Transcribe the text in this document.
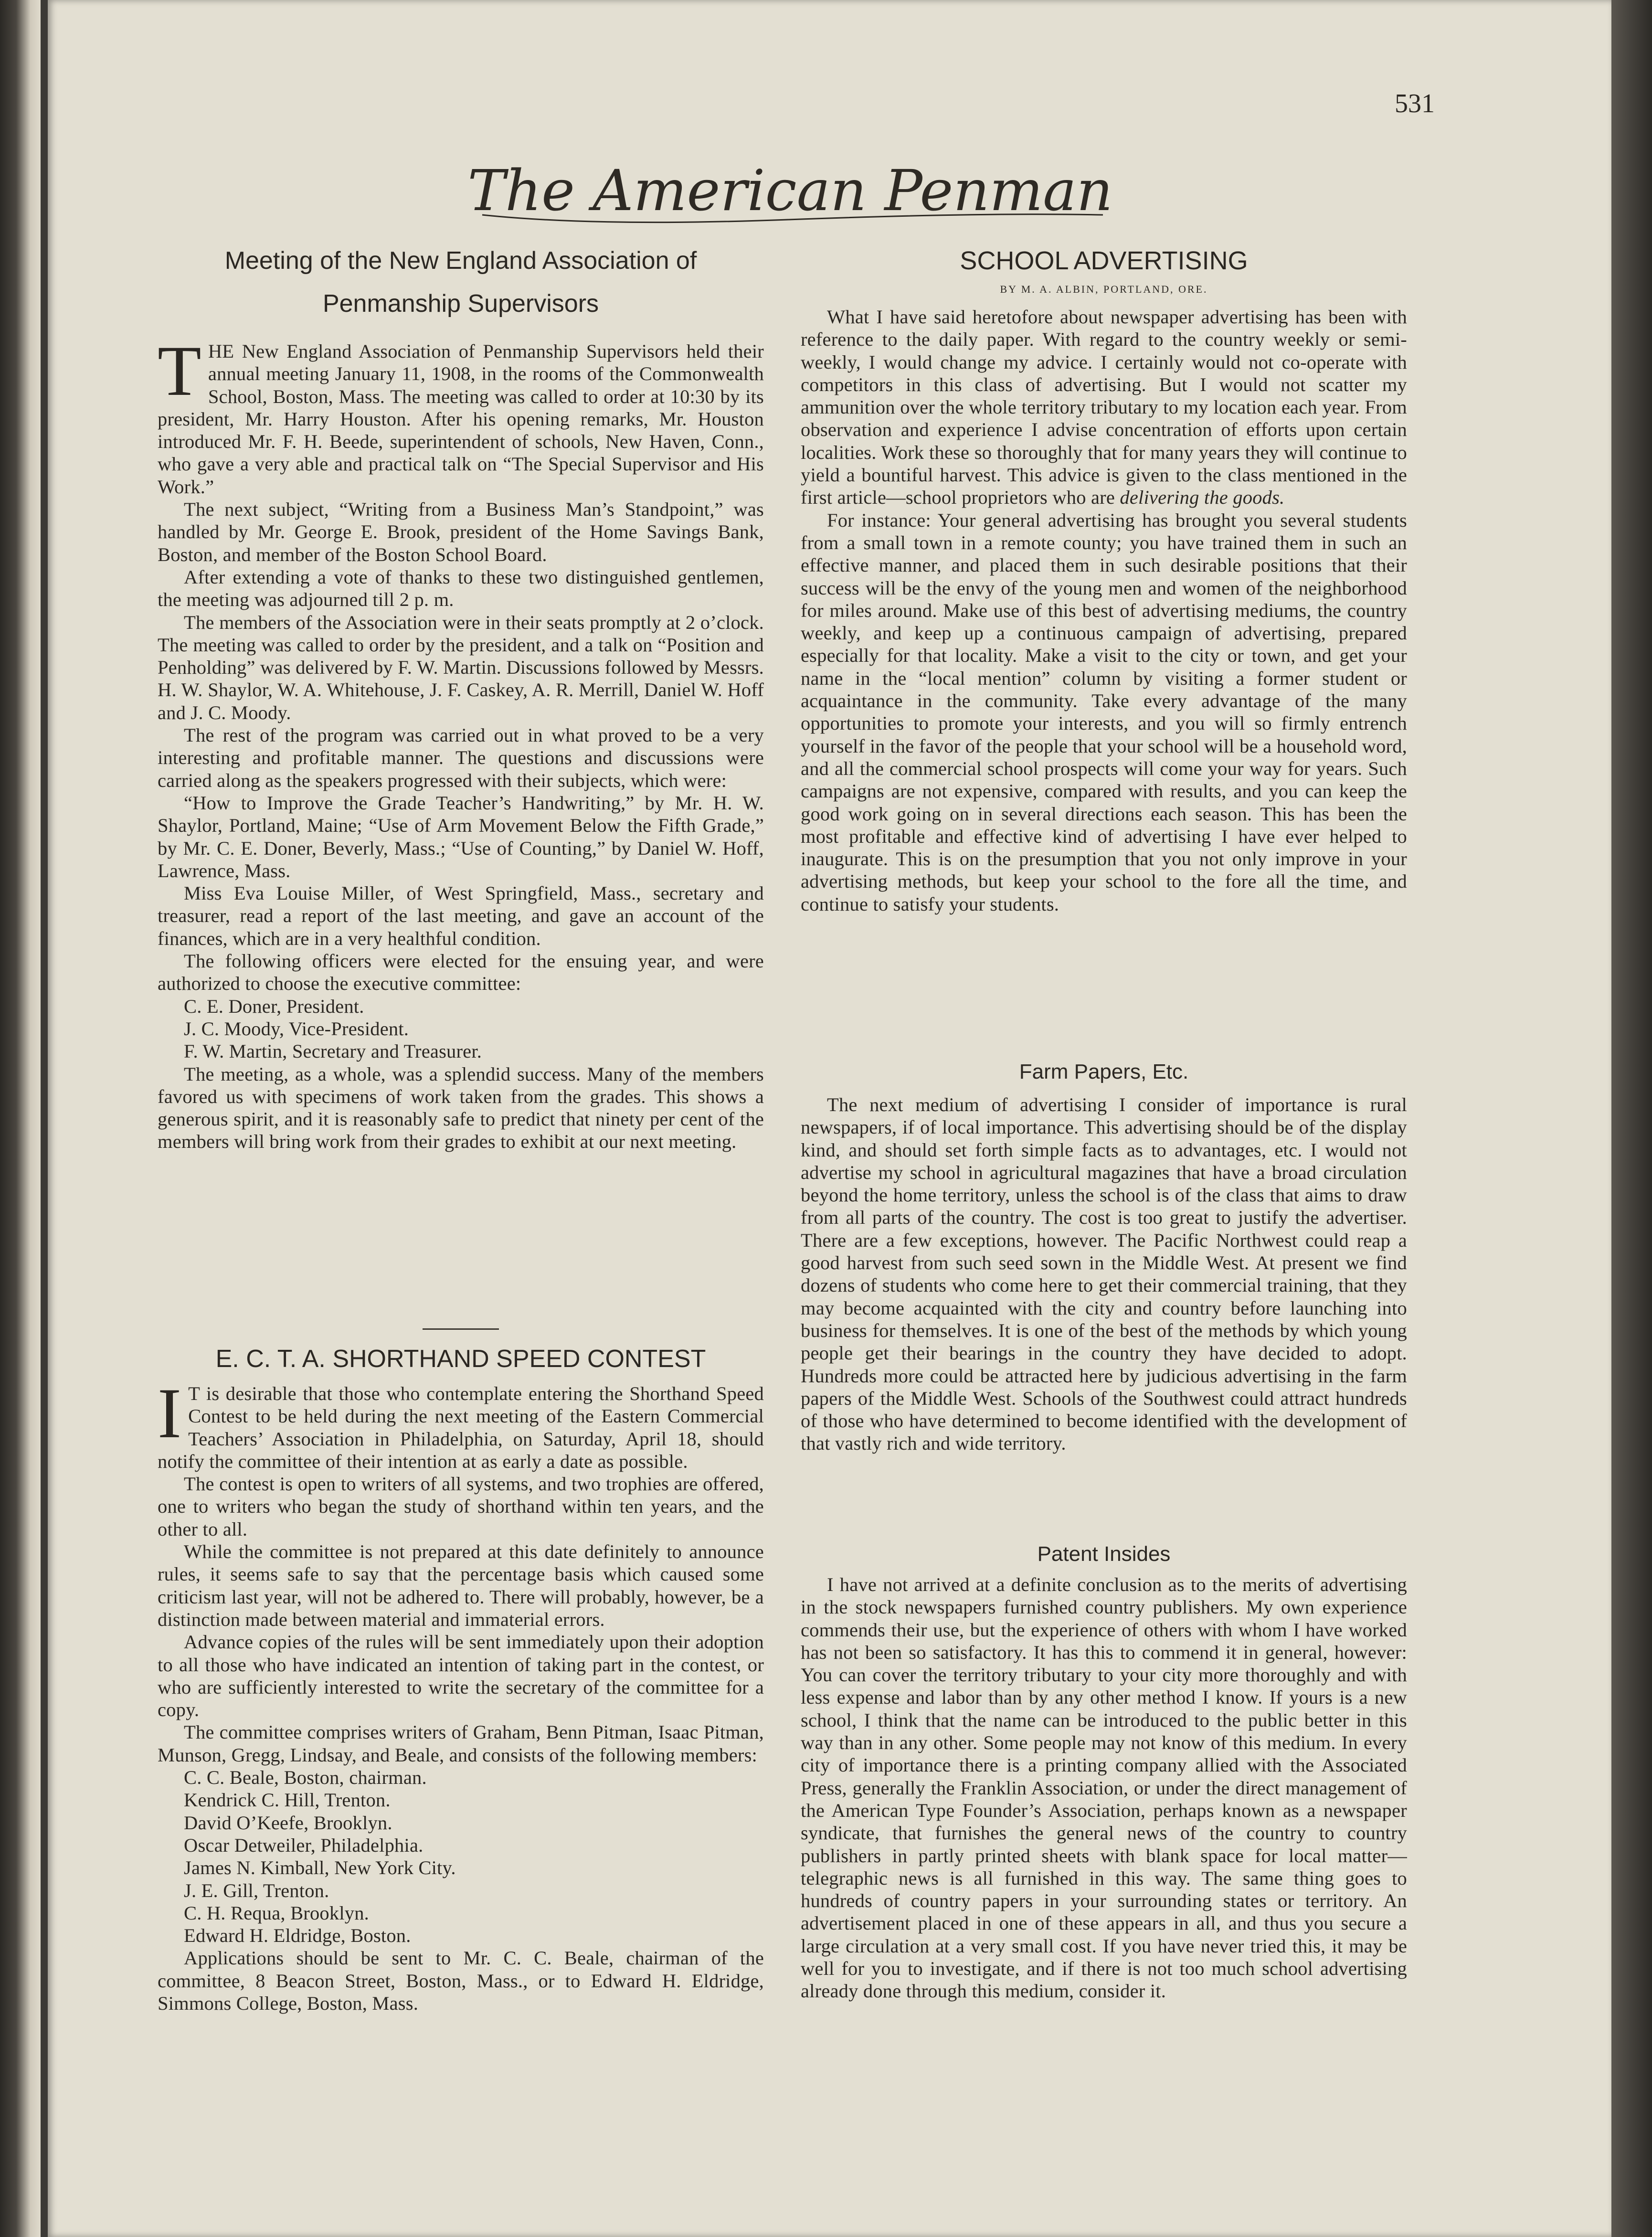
The American Penman
531
Meeting of the New England Association of
Penmanship Supervisors

THE New England Association of Penmanship Supervisors held their annual meeting January 11, 1908, in the rooms of the Commonwealth School, Boston, Mass. The meeting was called to order at 10:30 by its president, Mr. Harry Houston. After his opening remarks, Mr. Houston introduced Mr. F. H. Beede, superintendent of schools, New Haven, Conn., who gave a very able and practical talk on “The Special Supervisor and His Work.”

The next subject, “Writing from a Business Man’s Standpoint,” was handled by Mr. George E. Brook, president of the Home Savings Bank, Boston, and member of the Boston School Board.

After extending a vote of thanks to these two distinguished gentlemen, the meeting was adjourned till 2 p. m.

The members of the Association were in their seats promptly at 2 o’clock. The meeting was called to order by the president, and a talk on “Position and Penholding” was delivered by F. W. Martin. Discussions followed by Messrs. H. W. Shaylor, W. A. Whitehouse, J. F. Caskey, A. R. Merrill, Daniel W. Hoff and J. C. Moody.

The rest of the program was carried out in what proved to be a very interesting and profitable manner. The questions and discussions were carried along as the speakers progressed with their subjects, which were:

“How to Improve the Grade Teacher’s Handwriting,” by Mr. H. W. Shaylor, Portland, Maine; “Use of Arm Movement Below the Fifth Grade,” by Mr. C. E. Doner, Beverly, Mass.; “Use of Counting,” by Daniel W. Hoff, Lawrence, Mass.

Miss Eva Louise Miller, of West Springfield, Mass., secretary and treasurer, read a report of the last meeting, and gave an account of the finances, which are in a very healthful condition.

The following officers were elected for the ensuing year, and were authorized to choose the executive committee:

C. E. Doner, President.

J. C. Moody, Vice-President.

F. W. Martin, Secretary and Treasurer.

The meeting, as a whole, was a splendid success. Many of the members favored us with specimens of work taken from the grades. This shows a generous spirit, and it is reasonably safe to predict that ninety per cent of the members will bring work from their grades to exhibit at our next meeting.

E. C. T. A. SHORTHAND SPEED CONTEST

I T is desirable that those who contemplate entering the Shorthand Speed Contest to be held during the next meeting of the Eastern Commercial Teachers’ Association in Philadelphia, on Saturday, April 18, should notify the committee of their intention at as early a date as possible.

The contest is open to writers of all systems, and two trophies are offered, one to writers who began the study of shorthand within ten years, and the other to all.

While the committee is not prepared at this date definitely to announce rules, it seems safe to say that the percentage basis which caused some criticism last year, will not be adhered to. There will probably, however, be a distinction made between material and immaterial errors.

Advance copies of the rules will be sent immediately upon their adoption to all those who have indicated an intention of taking part in the contest, or who are sufficiently interested to write the secretary of the committee for a copy.

The committee comprises writers of Graham, Benn Pitman, Isaac Pitman, Munson, Gregg, Lindsay, and Beale, and consists of the following members:

C. C. Beale, Boston, chairman.

Kendrick C. Hill, Trenton.

David O’Keefe, Brooklyn.

Oscar Detweiler, Philadelphia.

James N. Kimball, New York City.

J. E. Gill, Trenton.

C. H. Requa, Brooklyn.

Edward H. Eldridge, Boston.

Applications should be sent to Mr. C. C. Beale, chairman of the committee, 8 Beacon Street, Boston, Mass., or to Edward H. Eldridge, Simmons College, Boston, Mass.

SCHOOL ADVERTISING
BY M. A. ALBIN, PORTLAND, ORE.

What I have said heretofore about newspaper advertising has been with reference to the daily paper. With regard to the country weekly or semi-weekly, I would change my advice. I certainly would not co-operate with competitors in this class of advertising. But I would not scatter my ammunition over the whole territory tributary to my location each year. From observation and experience I advise concentration of efforts upon certain localities. Work these so thoroughly that for many years they will continue to yield a bountiful harvest. This advice is given to the class mentioned in the first article—school proprietors who are delivering the goods.

For instance: Your general advertising has brought you several students from a small town in a remote county; you have trained them in such an effective manner, and placed them in such desirable positions that their success will be the envy of the young men and women of the neighborhood for miles around. Make use of this best of advertising mediums, the country weekly, and keep up a continuous campaign of advertising, prepared especially for that locality. Make a visit to the city or town, and get your name in the “local mention” column by visiting a former student or acquaintance in the community. Take every advantage of the many opportunities to promote your interests, and you will so firmly entrench yourself in the favor of the people that your school will be a household word, and all the commercial school prospects will come your way for years. Such campaigns are not expensive, compared with results, and you can keep the good work going on in several directions each season. This has been the most profitable and effective kind of advertising I have ever helped to inaugurate. This is on the presumption that you not only improve in your advertising methods, but keep your school to the fore all the time, and continue to satisfy your students.

Farm Papers, Etc.

The next medium of advertising I consider of importance is rural newspapers, if of local importance. This advertising should be of the display kind, and should set forth simple facts as to advantages, etc. I would not advertise my school in agricultural magazines that have a broad circulation beyond the home territory, unless the school is of the class that aims to draw from all parts of the country. The cost is too great to justify the advertiser. There are a few exceptions, however. The Pacific Northwest could reap a good harvest from such seed sown in the Middle West. At present we find dozens of students who come here to get their commercial training, that they may become acquainted with the city and country before launching into business for themselves. It is one of the best of the methods by which young people get their bearings in the country they have decided to adopt. Hundreds more could be attracted here by judicious advertising in the farm papers of the Middle West. Schools of the Southwest could attract hundreds of those who have determined to become identified with the development of that vastly rich and wide territory.

Patent Insides

I have not arrived at a definite conclusion as to the merits of advertising in the stock newspapers furnished country publishers. My own experience commends their use, but the experience of others with whom I have worked has not been so satisfactory. It has this to commend it in general, however: You can cover the territory tributary to your city more thoroughly and with less expense and labor than by any other method I know. If yours is a new school, I think that the name can be introduced to the public better in this way than in any other. Some people may not know of this medium. In every city of importance there is a printing company allied with the Associated Press, generally the Franklin Association, or under the direct management of the American Type Founder’s Association, perhaps known as a newspaper syndicate, that furnishes the general news of the country to country publishers in partly printed sheets with blank space for local matter—telegraphic news is all furnished in this way. The same thing goes to hundreds of country papers in your surrounding states or territory. An advertisement placed in one of these appears in all, and thus you secure a large circulation at a very small cost. If you have never tried this, it may be well for you to investigate, and if there is not too much school advertising already done through this medium, consider it.
